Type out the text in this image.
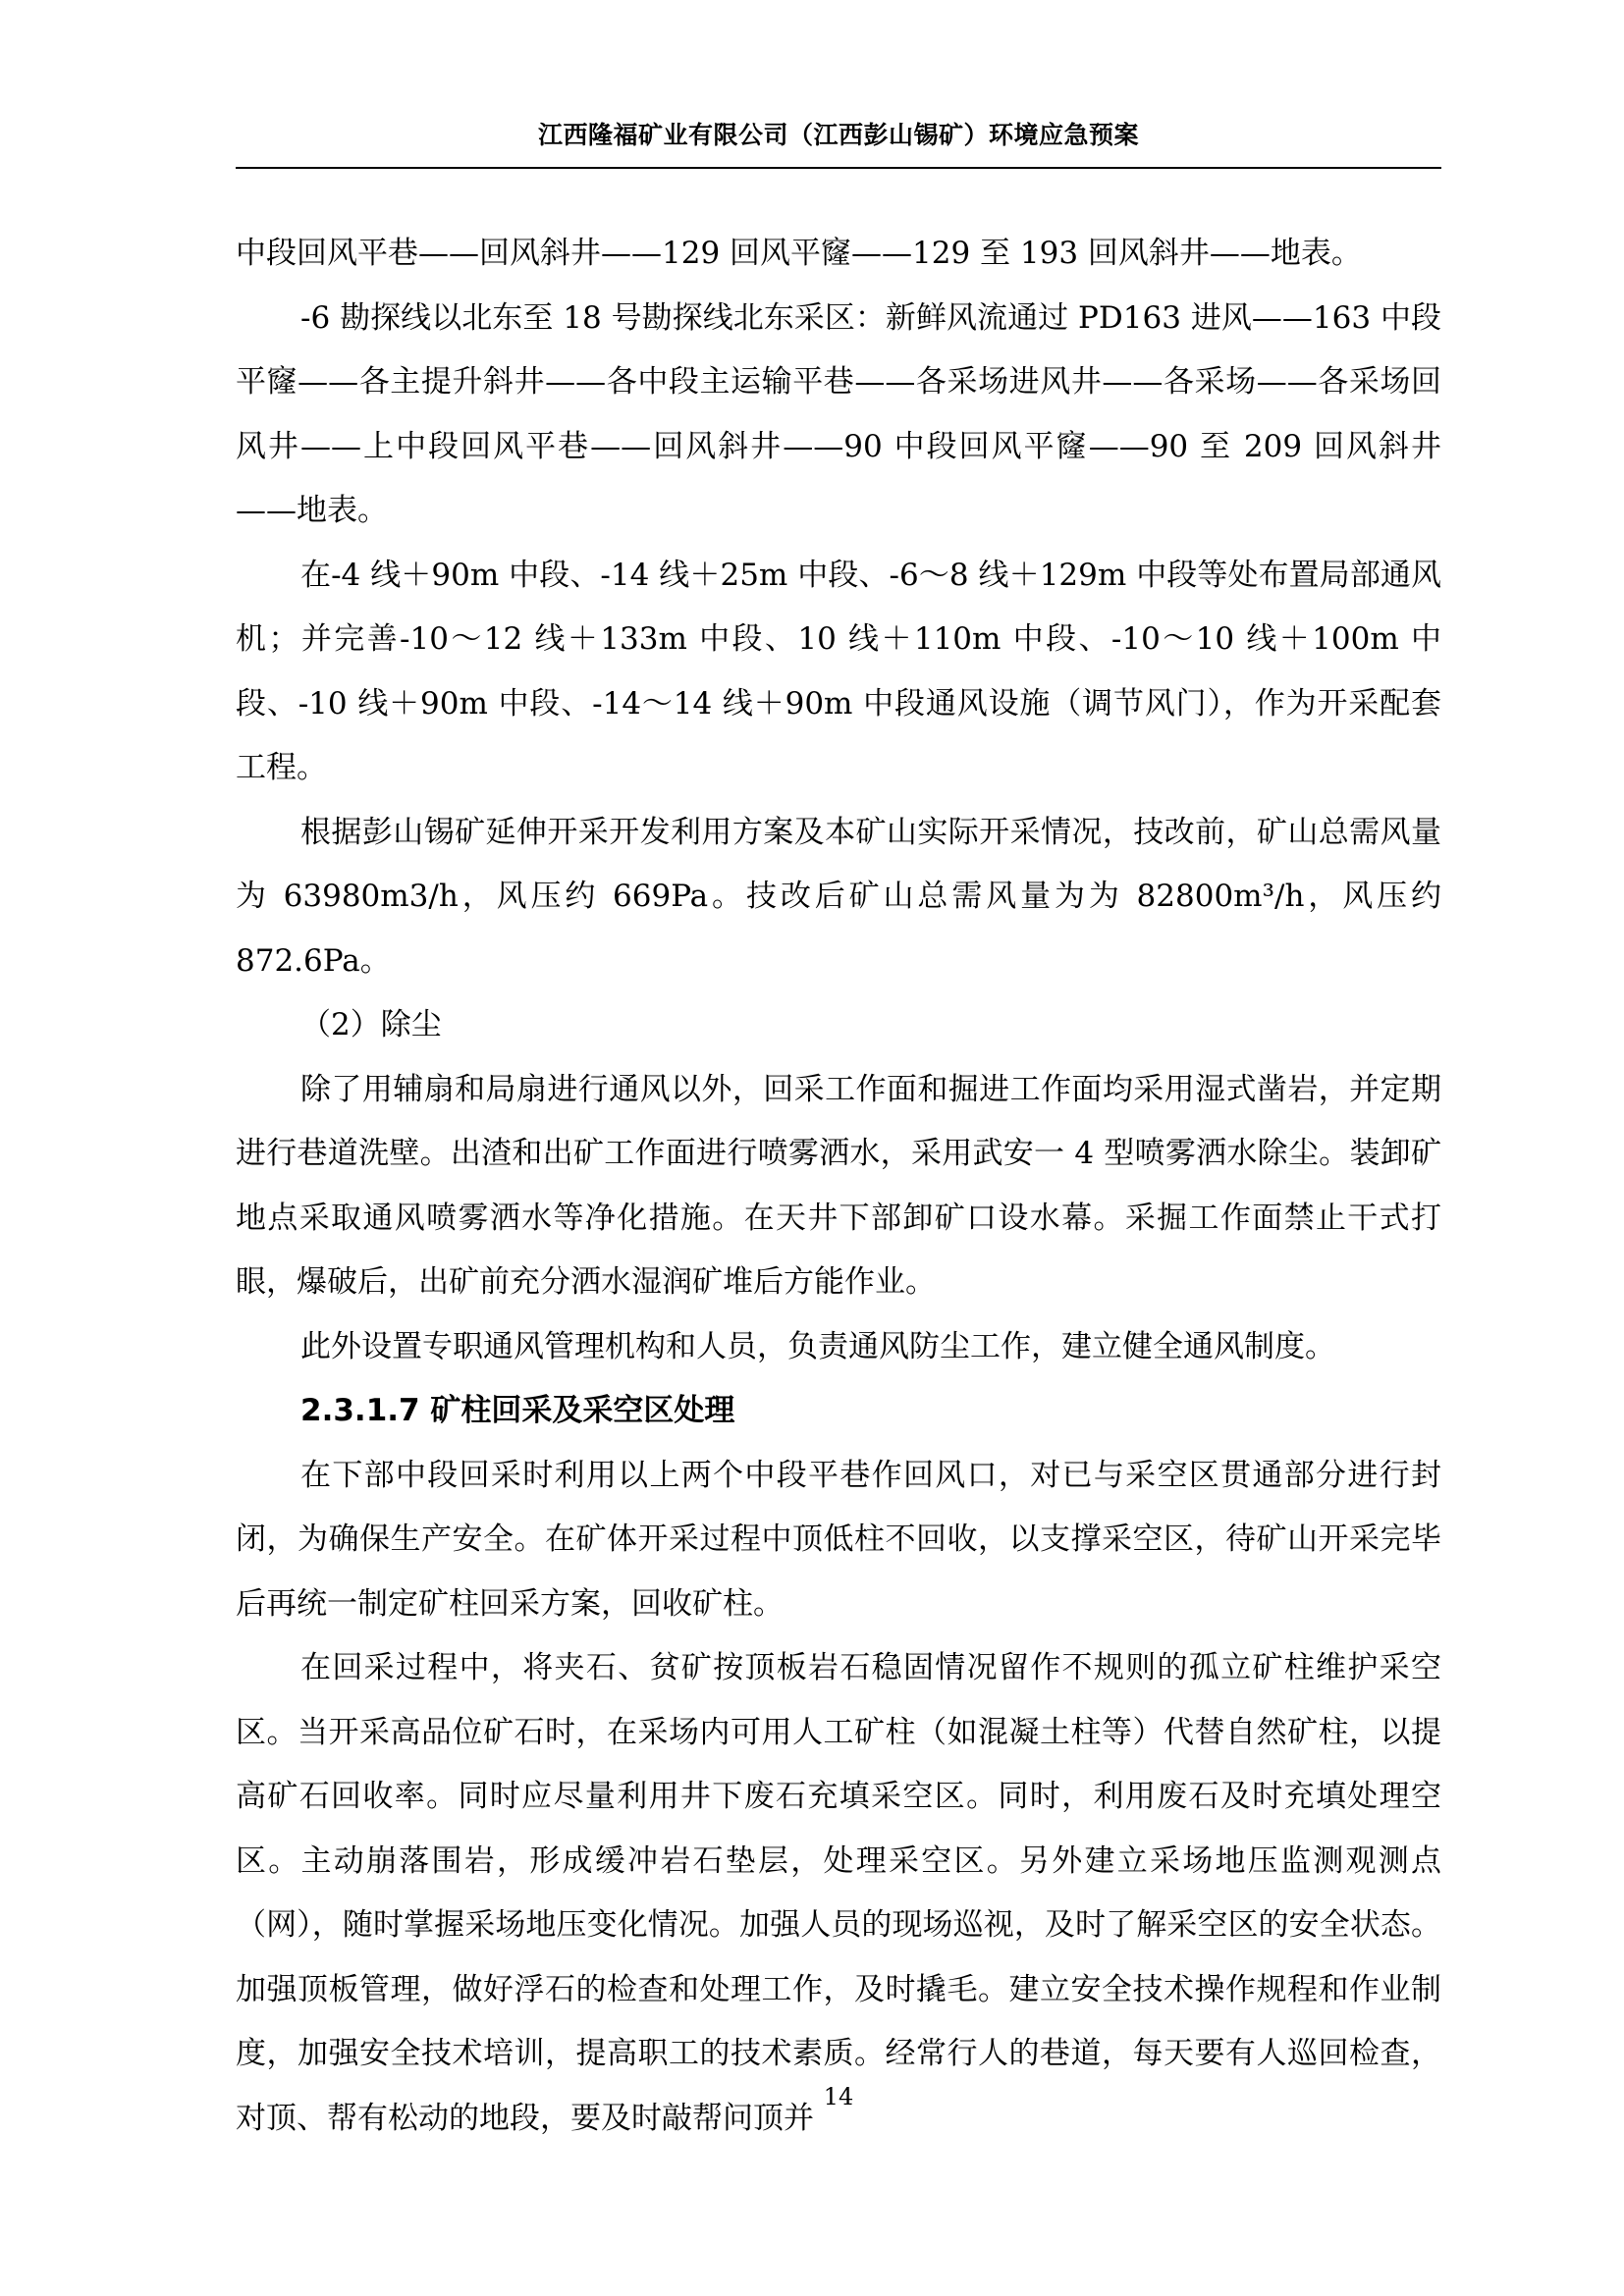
江西隆福矿业有限公司（江西彭山锡矿）环境应急预案

中段回风平巷——回风斜井——129 回风平窿——129 至 193 回风斜井——地表。

-6 勘探线以北东至 18 号勘探线北东采区：新鲜风流通过 PD163 进风——163 中段平窿——各主提升斜井——各中段主运输平巷——各采场进风井——各采场——各采场回风井——上中段回风平巷——回风斜井——90 中段回风平窿——90 至 209 回风斜井——地表。

在-4 线＋90m 中段、-14 线＋25m 中段、-6～8 线＋129m 中段等处布置局部通风机；并完善-10～12 线＋133m 中段、10 线＋110m 中段、-10～10 线＋100m 中段、-10 线＋90m 中段、-14～14 线＋90m 中段通风设施（调节风门），作为开采配套工程。

根据彭山锡矿延伸开采开发利用方案及本矿山实际开采情况，技改前，矿山总需风量为 63980m3/h，风压约 669Pa。技改后矿山总需风量为为 82800m³/h，风压约 872.6Pa。

（2）除尘

除了用辅扇和局扇进行通风以外，回采工作面和掘进工作面均采用湿式凿岩，并定期进行巷道洗壁。出渣和出矿工作面进行喷雾洒水，采用武安一 4 型喷雾洒水除尘。装卸矿地点采取通风喷雾洒水等净化措施。在天井下部卸矿口设水幕。采掘工作面禁止干式打眼，爆破后，出矿前充分洒水湿润矿堆后方能作业。

此外设置专职通风管理机构和人员，负责通风防尘工作，建立健全通风制度。

2.3.1.7 矿柱回采及采空区处理

在下部中段回采时利用以上两个中段平巷作回风口，对已与采空区贯通部分进行封闭，为确保生产安全。在矿体开采过程中顶低柱不回收，以支撑采空区，待矿山开采完毕后再统一制定矿柱回采方案，回收矿柱。

在回采过程中，将夹石、贫矿按顶板岩石稳固情况留作不规则的孤立矿柱维护采空区。当开采高品位矿石时，在采场内可用人工矿柱（如混凝土柱等）代替自然矿柱，以提高矿石回收率。同时应尽量利用井下废石充填采空区。同时，利用废石及时充填处理空区。主动崩落围岩，形成缓冲岩石垫层，处理采空区。另外建立采场地压监测观测点（网），随时掌握采场地压变化情况。加强人员的现场巡视，及时了解采空区的安全状态。加强顶板管理，做好浮石的检查和处理工作，及时撬毛。建立安全技术操作规程和作业制度，加强安全技术培训，提高职工的技术素质。经常行人的巷道，每天要有人巡回检查，对顶、帮有松动的地段，要及时敲帮问顶并

14
